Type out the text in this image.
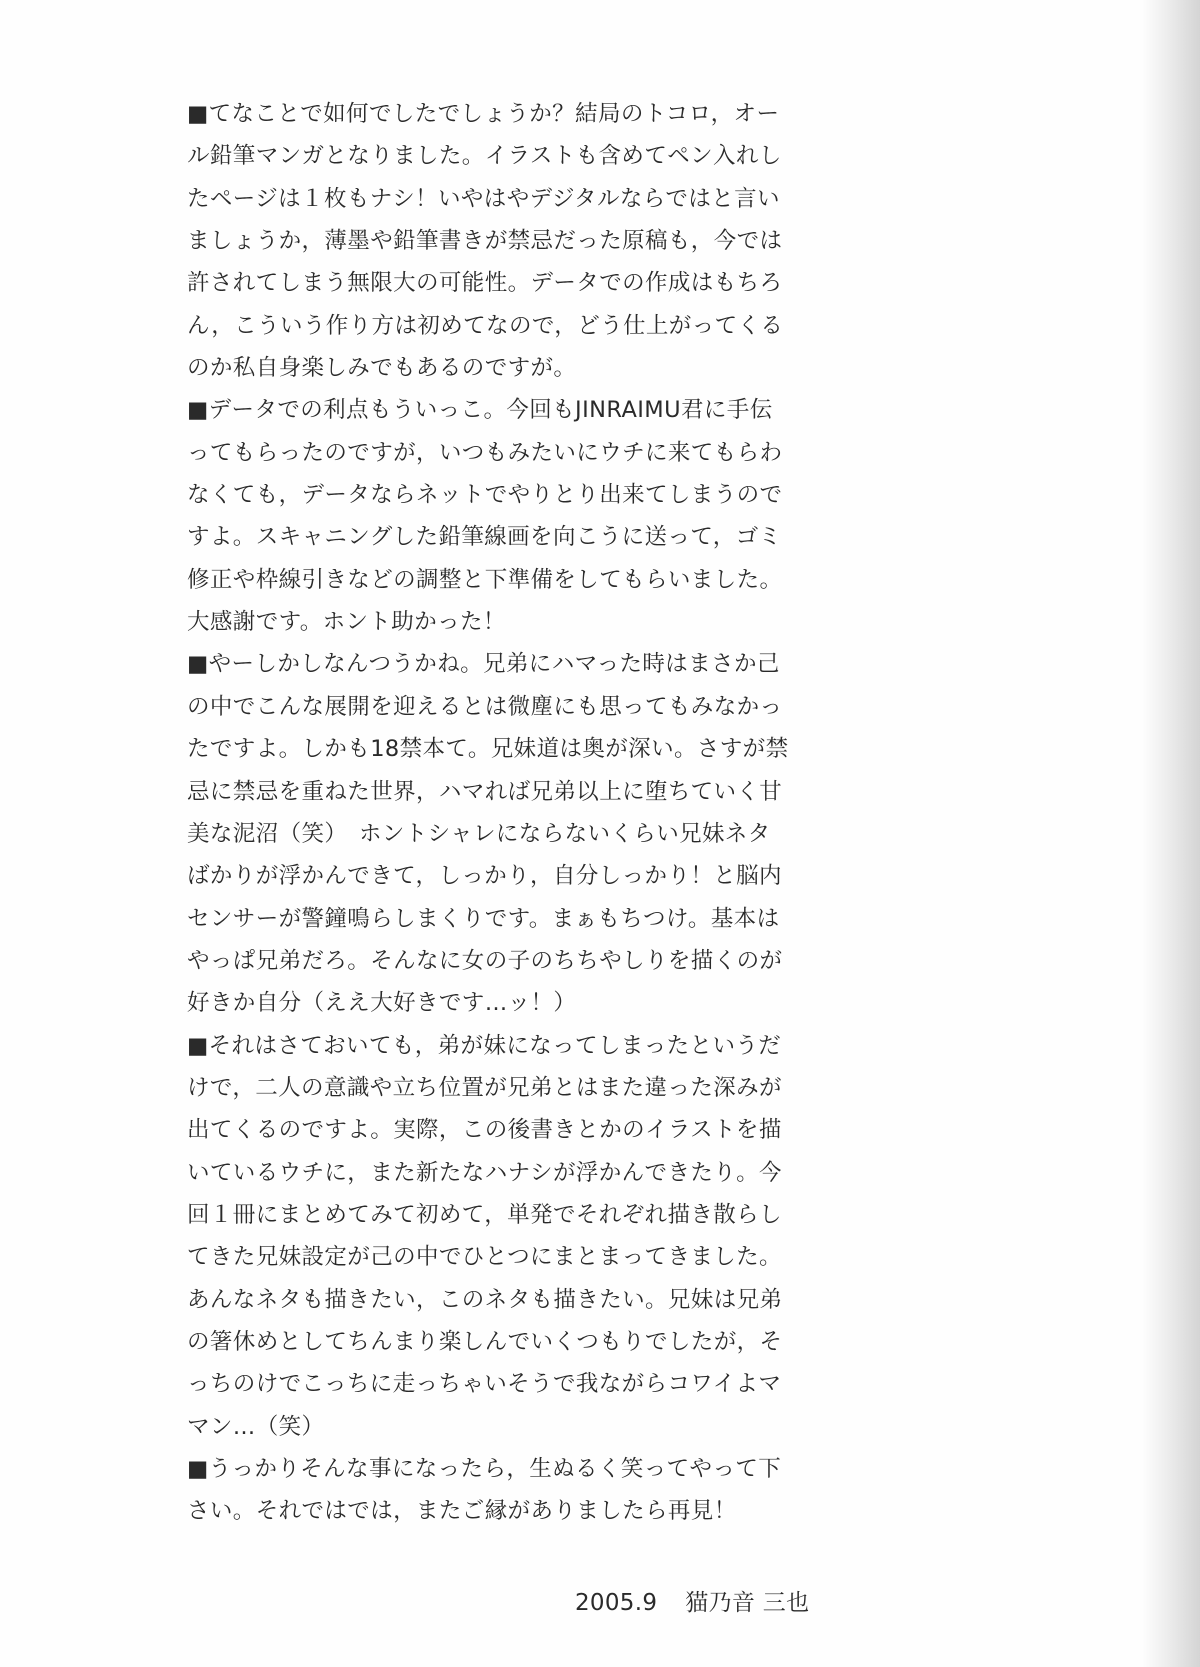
■てなことで如何でしたでしょうか？結局のトコロ，オー
ル鉛筆マンガとなりました。イラストも含めてペン入れし
たページは１枚もナシ！いやはやデジタルならではと言い
ましょうか，薄墨や鉛筆書きが禁忌だった原稿も，今では
許されてしまう無限大の可能性。データでの作成はもちろ
ん，こういう作り方は初めてなので，どう仕上がってくる
のか私自身楽しみでもあるのですが。
■データでの利点もういっこ。今回もJINRAIMU君に手伝
ってもらったのですが，いつもみたいにウチに来てもらわ
なくても，データならネットでやりとり出来てしまうので
すよ。スキャニングした鉛筆線画を向こうに送って，ゴミ
修正や枠線引きなどの調整と下準備をしてもらいました。
大感謝です。ホント助かった！
■やーしかしなんつうかね。兄弟にハマった時はまさか己
の中でこんな展開を迎えるとは微塵にも思ってもみなかっ
たですよ。しかも18禁本て。兄妹道は奥が深い。さすが禁
忌に禁忌を重ねた世界，ハマれば兄弟以上に堕ちていく甘
美な泥沼（笑）　ホントシャレにならないくらい兄妹ネタ
ばかりが浮かんできて，しっかり，自分しっかり！と脳内
センサーが警鐘鳴らしまくりです。まぁもちつけ。基本は
やっぱ兄弟だろ。そんなに女の子のちちやしりを描くのが
好きか自分（ええ大好きです…ッ！）
■それはさておいても，弟が妹になってしまったというだ
けで，二人の意識や立ち位置が兄弟とはまた違った深みが
出てくるのですよ。実際，この後書きとかのイラストを描
いているウチに，また新たなハナシが浮かんできたり。今
回１冊にまとめてみて初めて，単発でそれぞれ描き散らし
てきた兄妹設定が己の中でひとつにまとまってきました。
あんなネタも描きたい，このネタも描きたい。兄妹は兄弟
の箸休めとしてちんまり楽しんでいくつもりでしたが，そ
っちのけでこっちに走っちゃいそうで我ながらコワイよマ
マン…（笑）
■うっかりそんな事になったら，生ぬるく笑ってやって下
さい。それではでは，またご縁がありましたら再見！
2005.9 猫乃音 三也
